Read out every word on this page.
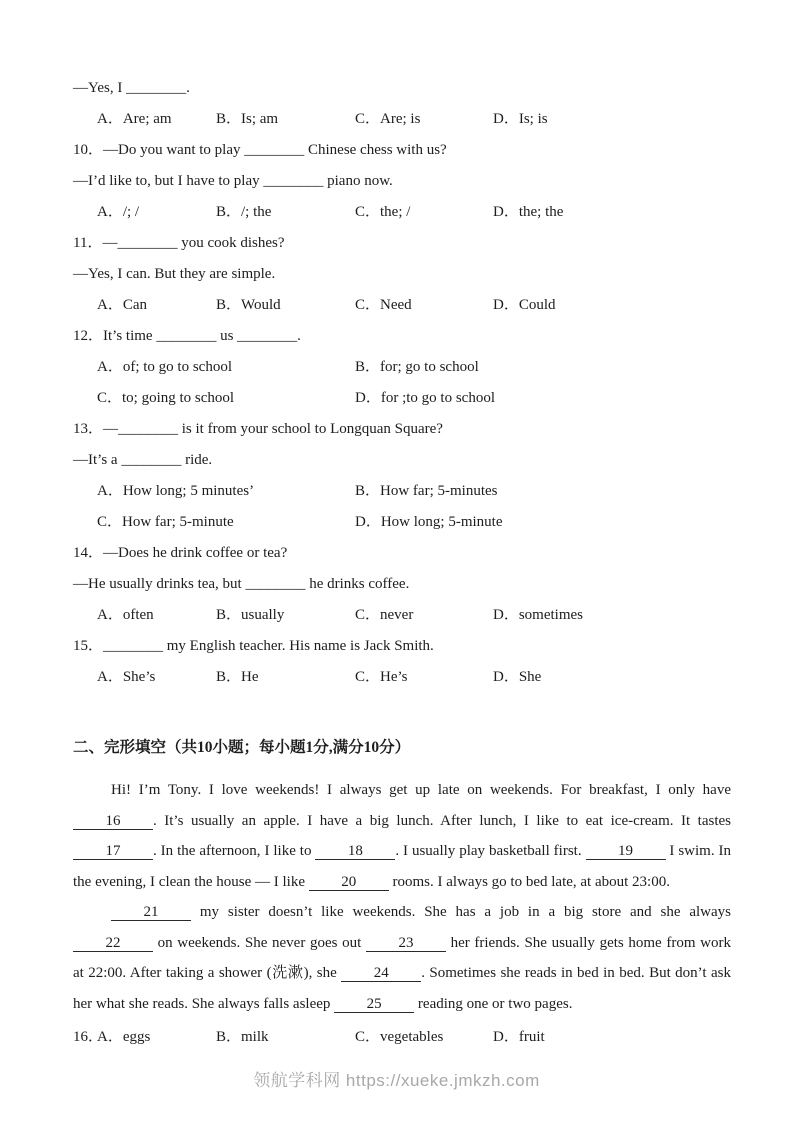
—Yes, I ________.
A．Are; am	B．Is; am	C．Are; is	D．Is; is
10．—Do you want to play ________ Chinese chess with us?
—I’d like to, but I have to play ________ piano now.
A．/; /	B．/; the	C．the; /	D．the; the
11．—________ you cook dishes?
—Yes, I can. But they are simple.
A．Can	B．Would	C．Need	D．Could
12．It’s time ________ us ________.
A．of; to go to school	B．for; go to school
C．to; going to school	D．for ;to go to school
13．—________ is it from your school to Longquan Square?
—It’s a ________ ride.
A．How long; 5 minutes’	B．How far; 5-minutes
C．How far; 5-minute	D．How long; 5-minute
14．—Does he drink coffee or tea?
—He usually drinks tea, but ________ he drinks coffee.
A．often	B．usually	C．never	D．sometimes
15．________ my English teacher. His name is Jack Smith.
A．She’s	B．He	C．He’s	D．She
二、完形填空（共10小题；每小题1分,满分10分）

Hi! I’m Tony. I love weekends! I always get up late on weekends. For breakfast, I only have 16 . It’s usually an apple. I have a big lunch. After lunch, I like to eat ice-cream. It tastes 17 . In the afternoon, I like to 18 . I usually play basketball first. 19 I swim. In the evening, I clean the house — I like 20 rooms. I always go to bed late, at about 23:00.

21 my sister doesn’t like weekends. She has a job in a big store and she always 22 on weekends. She never goes out 23 her friends. She usually gets home from work at 22:00. After taking a shower (洗漱), she 24 . Sometimes she reads in bed in bed. But don’t ask her what she reads. She always falls asleep 25 reading one or two pages.

16．
A．eggs	B．milk	C．vegetables	D．fruit
领航学科网 https://xueke.jmkzh.com
